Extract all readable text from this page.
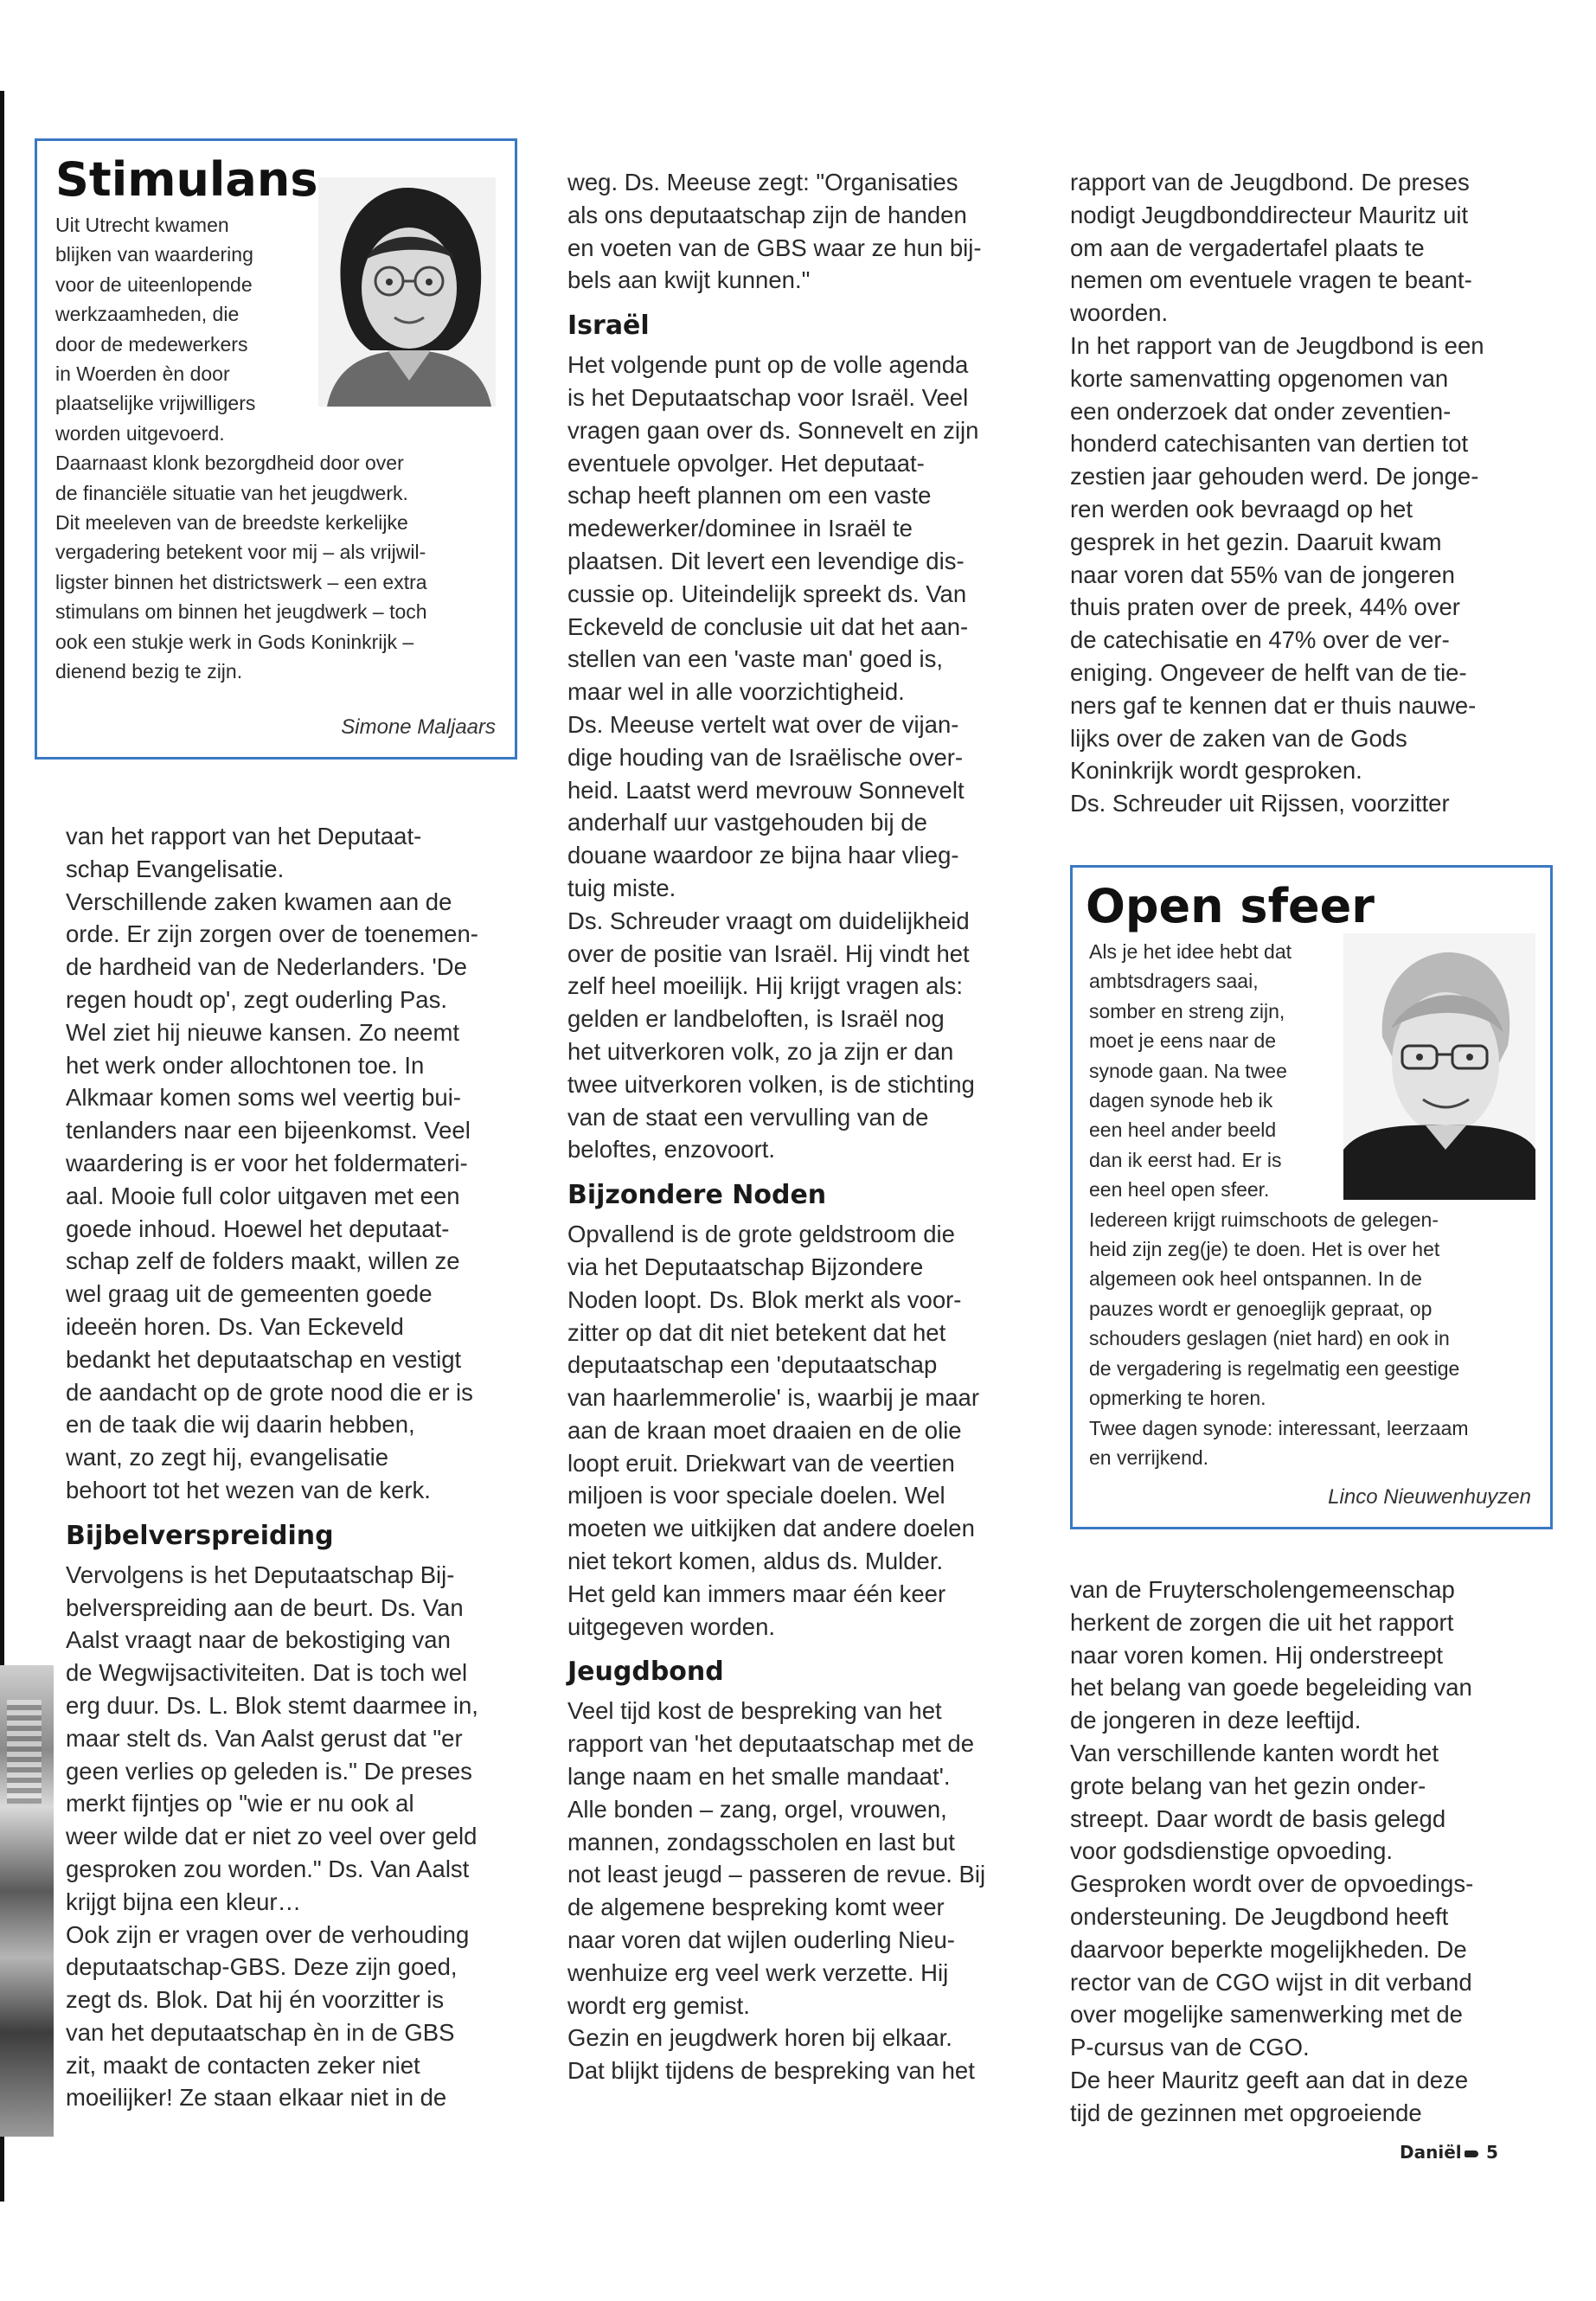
Stimulans
Uit Utrecht kwamen
blijken van waardering
voor de uiteenlopende
werkzaamheden, die
door de medewerkers
in Woerden èn door
plaatselijke vrijwilligers
worden uitgevoerd.
Daarnaast klonk bezorgdheid door over
de financiële situatie van het jeugdwerk.
Dit meeleven van de breedste kerkelijke
vergadering betekent voor mij – als vrijwil-
ligster binnen het districtswerk – een extra
stimulans om binnen het jeugdwerk – toch
ook een stukje werk in Gods Koninkrijk –
dienend bezig te zijn.
Simone Maljaars

van het rapport van het Deputaat-
schap Evangelisatie.
Verschillende zaken kwamen aan de
orde. Er zijn zorgen over de toenemen-
de hardheid van de Nederlanders. 'De
regen houdt op', zegt ouderling Pas.
Wel ziet hij nieuwe kansen. Zo neemt
het werk onder allochtonen toe. In
Alkmaar komen soms wel veertig bui-
tenlanders naar een bijeenkomst. Veel
waardering is er voor het foldermateri-
aal. Mooie full color uitgaven met een
goede inhoud. Hoewel het deputaat-
schap zelf de folders maakt, willen ze
wel graag uit de gemeenten goede
ideeën horen. Ds. Van Eckeveld
bedankt het deputaatschap en vestigt
de aandacht op de grote nood die er is
en de taak die wij daarin hebben,
want, zo zegt hij, evangelisatie
behoort tot het wezen van de kerk.

Bijbelverspreiding

Vervolgens is het Deputaatschap Bij-
belverspreiding aan de beurt. Ds. Van
Aalst vraagt naar de bekostiging van
de Wegwijsactiviteiten. Dat is toch wel
erg duur. Ds. L. Blok stemt daarmee in,
maar stelt ds. Van Aalst gerust dat "er
geen verlies op geleden is." De preses
merkt fijntjes op "wie er nu ook al
weer wilde dat er niet zo veel over geld
gesproken zou worden." Ds. Van Aalst
krijgt bijna een kleur…
Ook zijn er vragen over de verhouding
deputaatschap-GBS. Deze zijn goed,
zegt ds. Blok. Dat hij én voorzitter is
van het deputaatschap èn in de GBS
zit, maakt de contacten zeker niet
moeilijker! Ze staan elkaar niet in de

weg. Ds. Meeuse zegt: "Organisaties
als ons deputaatschap zijn de handen
en voeten van de GBS waar ze hun bij-
bels aan kwijt kunnen."

Israël

Het volgende punt op de volle agenda
is het Deputaatschap voor Israël. Veel
vragen gaan over ds. Sonnevelt en zijn
eventuele opvolger. Het deputaat-
schap heeft plannen om een vaste
medewerker/dominee in Israël te
plaatsen. Dit levert een levendige dis-
cussie op. Uiteindelijk spreekt ds. Van
Eckeveld de conclusie uit dat het aan-
stellen van een 'vaste man' goed is,
maar wel in alle voorzichtigheid.
Ds. Meeuse vertelt wat over de vijan-
dige houding van de Israëlische over-
heid. Laatst werd mevrouw Sonnevelt
anderhalf uur vastgehouden bij de
douane waardoor ze bijna haar vlieg-
tuig miste.
Ds. Schreuder vraagt om duidelijkheid
over de positie van Israël. Hij vindt het
zelf heel moeilijk. Hij krijgt vragen als:
gelden er landbeloften, is Israël nog
het uitverkoren volk, zo ja zijn er dan
twee uitverkoren volken, is de stichting
van de staat een vervulling van de
beloftes, enzovoort.

Bijzondere Noden

Opvallend is de grote geldstroom die
via het Deputaatschap Bijzondere
Noden loopt. Ds. Blok merkt als voor-
zitter op dat dit niet betekent dat het
deputaatschap een 'deputaatschap
van haarlemmerolie' is, waarbij je maar
aan de kraan moet draaien en de olie
loopt eruit. Driekwart van de veertien
miljoen is voor speciale doelen. Wel
moeten we uitkijken dat andere doelen
niet tekort komen, aldus ds. Mulder.
Het geld kan immers maar één keer
uitgegeven worden.

Jeugdbond

Veel tijd kost de bespreking van het
rapport van 'het deputaatschap met de
lange naam en het smalle mandaat'.
Alle bonden – zang, orgel, vrouwen,
mannen, zondagsscholen en last but
not least jeugd – passeren de revue. Bij
de algemene bespreking komt weer
naar voren dat wijlen ouderling Nieu-
wenhuize erg veel werk verzette. Hij
wordt erg gemist.
Gezin en jeugdwerk horen bij elkaar.
Dat blijkt tijdens de bespreking van het

rapport van de Jeugdbond. De preses
nodigt Jeugdbonddirecteur Mauritz uit
om aan de vergadertafel plaats te
nemen om eventuele vragen te beant-
woorden.
In het rapport van de Jeugdbond is een
korte samenvatting opgenomen van
een onderzoek dat onder zeventien-
honderd catechisanten van dertien tot
zestien jaar gehouden werd. De jonge-
ren werden ook bevraagd op het
gesprek in het gezin. Daaruit kwam
naar voren dat 55% van de jongeren
thuis praten over de preek, 44% over
de catechisatie en 47% over de ver-
eniging. Ongeveer de helft van de tie-
ners gaf te kennen dat er thuis nauwe-
lijks over de zaken van de Gods
Koninkrijk wordt gesproken.
Ds. Schreuder uit Rijssen, voorzitter

Open sfeer
Als je het idee hebt dat
ambtsdragers saai,
somber en streng zijn,
moet je eens naar de
synode gaan. Na twee
dagen synode heb ik
een heel ander beeld
dan ik eerst had. Er is
een heel open sfeer.
Iedereen krijgt ruimschoots de gelegen-
heid zijn zeg(je) te doen. Het is over het
algemeen ook heel ontspannen. In de
pauzes wordt er genoeglijk gepraat, op
schouders geslagen (niet hard) en ook in
de vergadering is regelmatig een geestige
opmerking te horen.
Twee dagen synode: interessant, leerzaam
en verrijkend.
Linco Nieuwenhuyzen

van de Fruyterscholengemeenschap
herkent de zorgen die uit het rapport
naar voren komen. Hij onderstreept
het belang van goede begeleiding van
de jongeren in deze leeftijd.
Van verschillende kanten wordt het
grote belang van het gezin onder-
streept. Daar wordt de basis gelegd
voor godsdienstige opvoeding.
Gesproken wordt over de opvoedings-
ondersteuning. De Jeugdbond heeft
daarvoor beperkte mogelijkheden. De
rector van de CGO wijst in dit verband
over mogelijke samenwerking met de
P-cursus van de CGO.
De heer Mauritz geeft aan dat in deze
tijd de gezinnen met opgroeiende

Daniël 5
